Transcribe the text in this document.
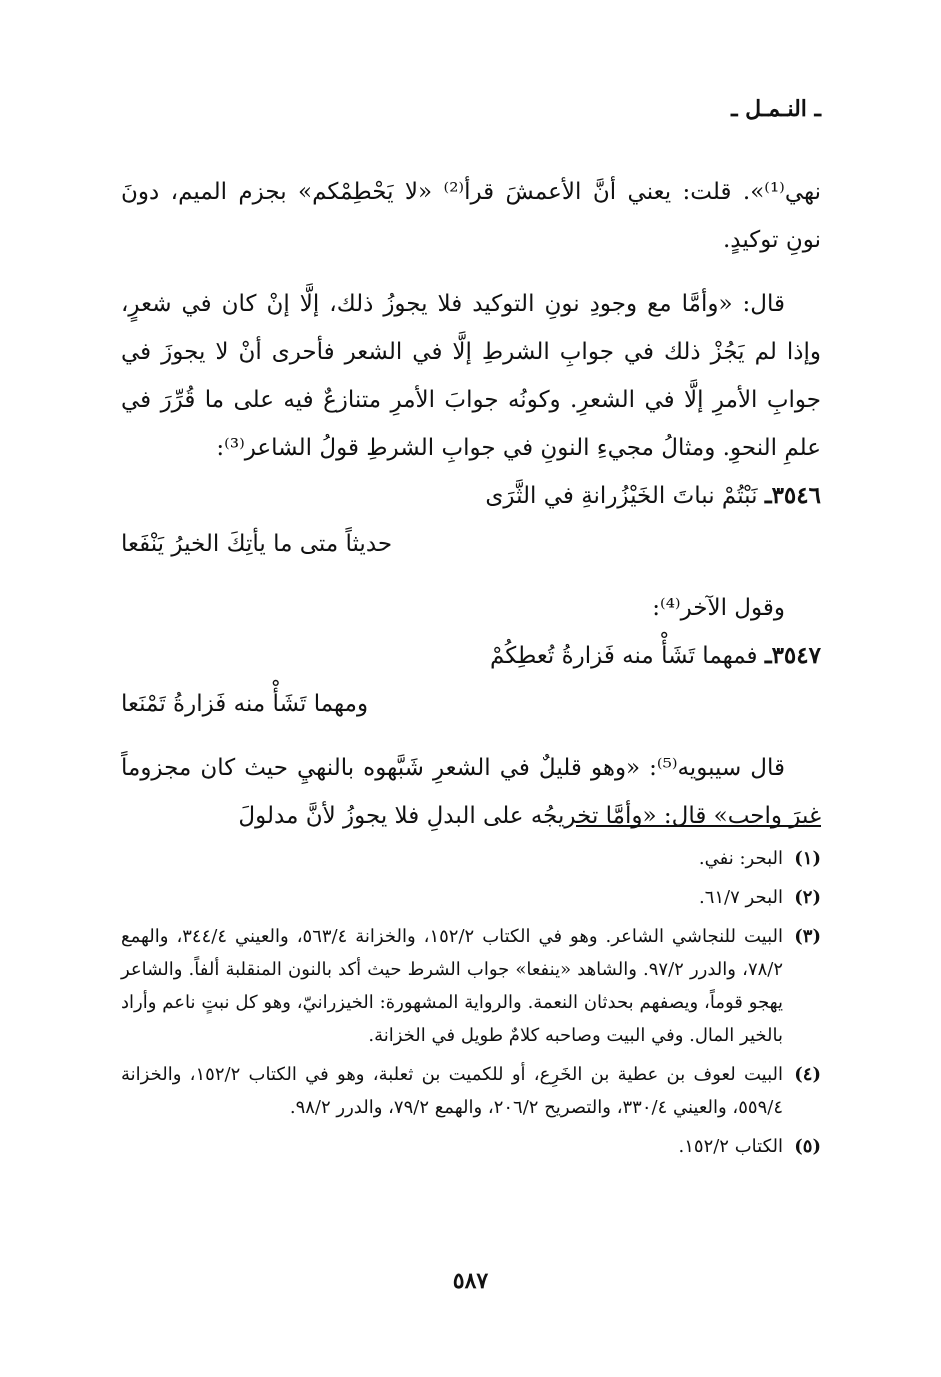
ـ النـمـل ـ

نهي⁽¹⁾». قلت: يعني أنَّ الأعمشَ قرأ⁽²⁾ «لا يَحْطِمْكم» بجزم الميم، دونَ نونِ توكيدٍ.

قال: «وأمَّا مع وجودِ نونِ التوكيد فلا يجوزُ ذلك، إلَّا إنْ كان في شعرٍ، وإذا لم يَجُزْ ذلك في جوابِ الشرطِ إلَّا في الشعر فأحرى أنْ لا يجوزَ في جوابِ الأمرِ إلَّا في الشعرِ. وكونُه جوابَ الأمرِ متنازعٌ فيه على ما قُرِّرَ في علمِ النحوِ. ومثالُ مجيءِ النونِ في جوابِ الشرطِ قولُ الشاعر⁽³⁾:

٣٥٤٦ـ نَبْتُمْ نباتَ الخَيْزُرانةِ في الثَّرَى
حديثاً متى ما يأتِكَ الخيرُ يَنْفَعا

وقول الآخر⁽⁴⁾:

٣٥٤٧ـ فمهما تَشَأْ منه فَزارةُ تُعطِكُمْ
ومهما تَشَأْ منه فَزارةُ تَمْنَعا

قال سيبويه⁽⁵⁾: «وهو قليلٌ في الشعرِ شَبَّهوه بالنهيِ حيث كان مجزوماً غيرَ واجب» قال: «وأمَّا تخريجُه على البدلِ فلا يجوزُ لأنَّ مدلولَ

(١)
البحر: نفي.
(٢)
البحر ٦١/٧.
(٣)
البيت للنجاشي الشاعر. وهو في الكتاب ١٥٢/٢، والخزانة ٥٦٣/٤، والعيني ٣٤٤/٤، والهمع ٧٨/٢، والدرر ٩٧/٢. والشاهد «ينفعا» جواب الشرط حيث أكد بالنون المنقلبة ألفاً. والشاعر يهجو قوماً، ويصفهم بحدثان النعمة. والرواية المشهورة: الخيزرانيّ، وهو كل نبتٍ ناعم وأراد بالخير المال. وفي البيت وصاحبه كلامٌ طويل في الخزانة.
(٤)
البيت لعوف بن عطية بن الخَرِع، أو للكميت بن ثعلبة، وهو في الكتاب ١٥٢/٢، والخزانة ٥٥٩/٤، والعيني ٣٣٠/٤، والتصريح ٢٠٦/٢، والهمع ٧٩/٢، والدرر ٩٨/٢.
(٥)
الكتاب ١٥٢/٢.
٥٨٧
